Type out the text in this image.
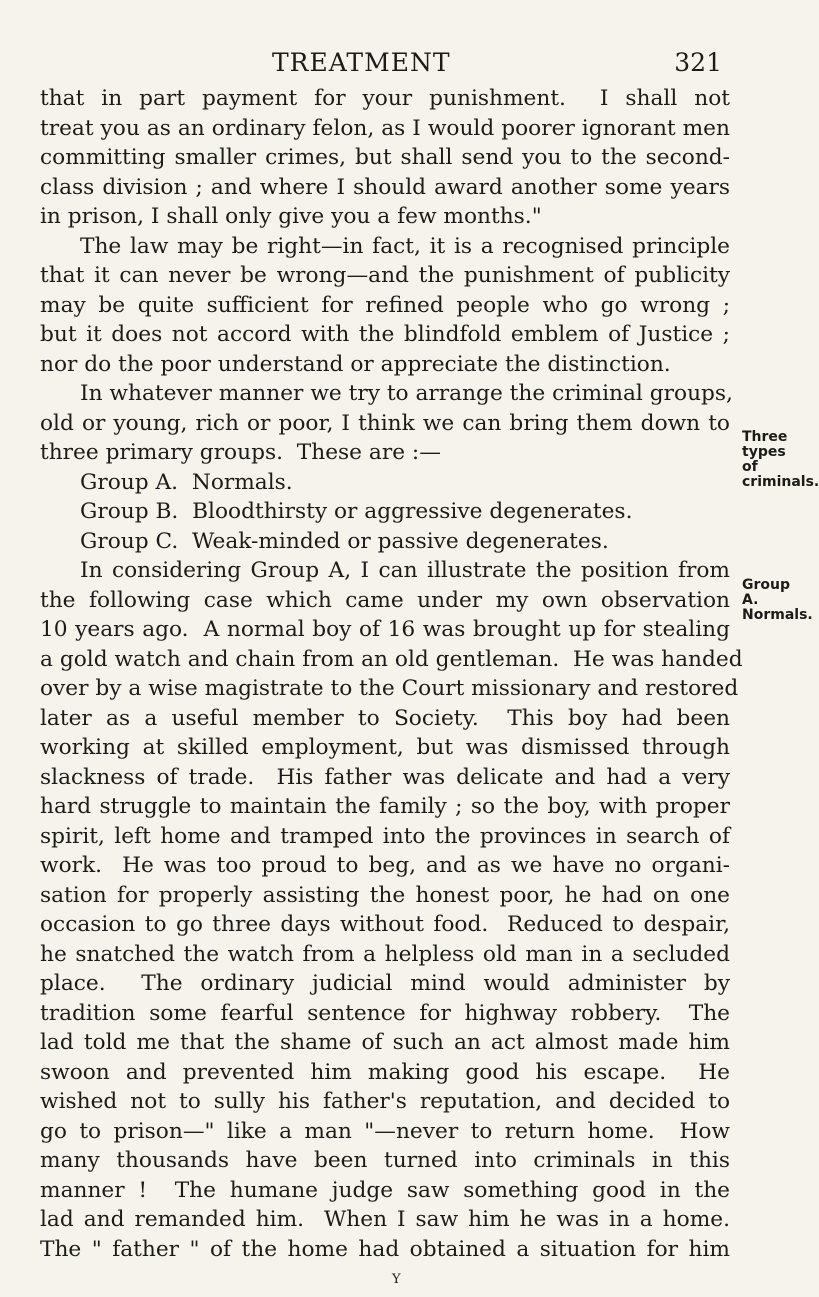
TREATMENT	321
that in part payment for your punishment.  I shall not
treat you as an ordinary felon, as I would poorer ignorant men
committing smaller crimes, but shall send you to the second-
class division ; and where I should award another some years
in prison, I shall only give you a few months."
The law may be right—in fact, it is a recognised principle
that it can never be wrong—and the punishment of publicity
may be quite sufficient for refined people who go wrong ;
but it does not accord with the blindfold emblem of Justice ;
nor do the poor understand or appreciate the distinction.
In whatever manner we try to arrange the criminal groups,
old or young, rich or poor, I think we can bring them down to
three primary groups.  These are :—
Group A.  Normals.
Group B.  Bloodthirsty or aggressive degenerates.
Group C.  Weak-minded or passive degenerates.
In considering Group A, I can illustrate the position from
the following case which came under my own observation
10 years ago.  A normal boy of 16 was brought up for stealing
a gold watch and chain from an old gentleman.  He was handed
over by a wise magistrate to the Court missionary and restored
later as a useful member to Society.  This boy had been
working at skilled employment, but was dismissed through
slackness of trade.  His father was delicate and had a very
hard struggle to maintain the family ; so the boy, with proper
spirit, left home and tramped into the provinces in search of
work.  He was too proud to beg, and as we have no organi-
sation for properly assisting the honest poor, he had on one
occasion to go three days without food.  Reduced to despair,
he snatched the watch from a helpless old man in a secluded
place.  The ordinary judicial mind would administer by
tradition some fearful sentence for highway robbery.  The
lad told me that the shame of such an act almost made him
swoon and prevented him making good his escape.  He
wished not to sully his father's reputation, and decided to
go to prison—" like a man "—never to return home.  How
many thousands have been turned into criminals in this
manner !  The humane judge saw something good in the
lad and remanded him.  When I saw him he was in a home.
The " father " of the home had obtained a situation for him
Three
types of
criminals.
Group A.
Normals.
Y
